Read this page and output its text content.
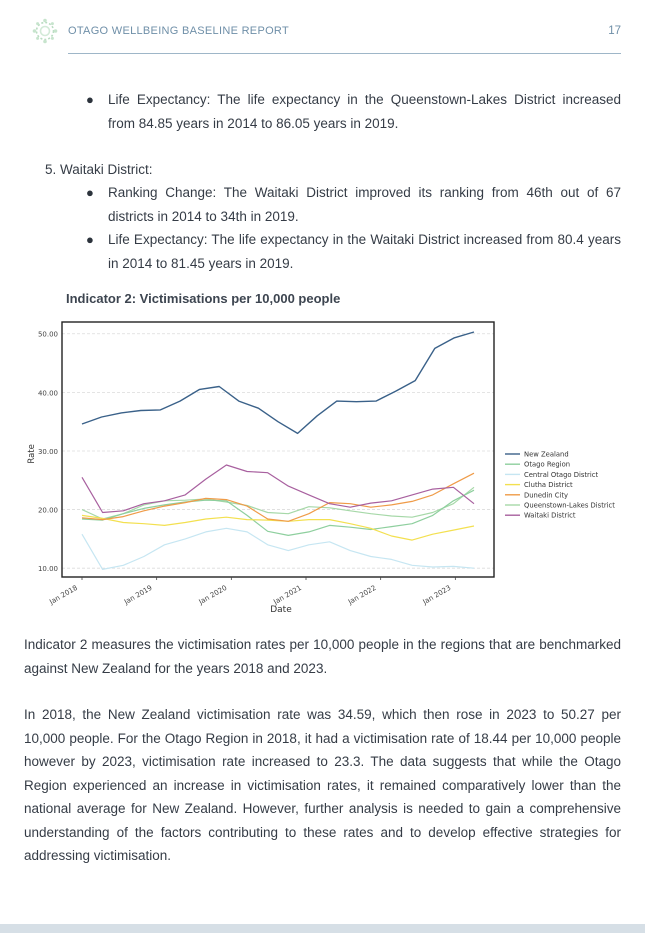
OTAGO WELLBEING BASELINE REPORT	17
● Life Expectancy: The life expectancy in the Queenstown-Lakes District increased
from 84.85 years in 2014 to 86.05 years in 2019.
5. Waitaki District:
● Ranking Change: The Waitaki District improved its ranking from 46th out of 67
districts in 2014 to 34th in 2019.
● Life Expectancy: The life expectancy in the Waitaki District increased from 80.4 years
in 2014 to 81.45 years in 2019.
Indicator 2: Victimisations per 10,000 people
10.00
20.00
30.00
40.00
50.00
Jan 2018	Jan 2019	Jan 2020	Jan 2021	Jan 2022	Jan 2023
Rate
Date
New Zealand
Otago Region
Central Otago District
Clutha District
Dunedin City
Queenstown-Lakes District
Waitaki District
Indicator 2 measures the victimisation rates per 10,000 people in the regions that are benchmarked
against New Zealand for the years 2018 and 2023.
In 2018, the New Zealand victimisation rate was 34.59, which then rose in 2023 to 50.27 per
10,000 people. For the Otago Region in 2018, it had a victimisation rate of 18.44 per 10,000 people
however by 2023, victimisation rate increased to 23.3. The data suggests that while the Otago
Region experienced an increase in victimisation rates, it remained comparatively lower than the
national average for New Zealand. However, further analysis is needed to gain a comprehensive
understanding of the factors contributing to these rates and to develop effective strategies for
addressing victimisation.
